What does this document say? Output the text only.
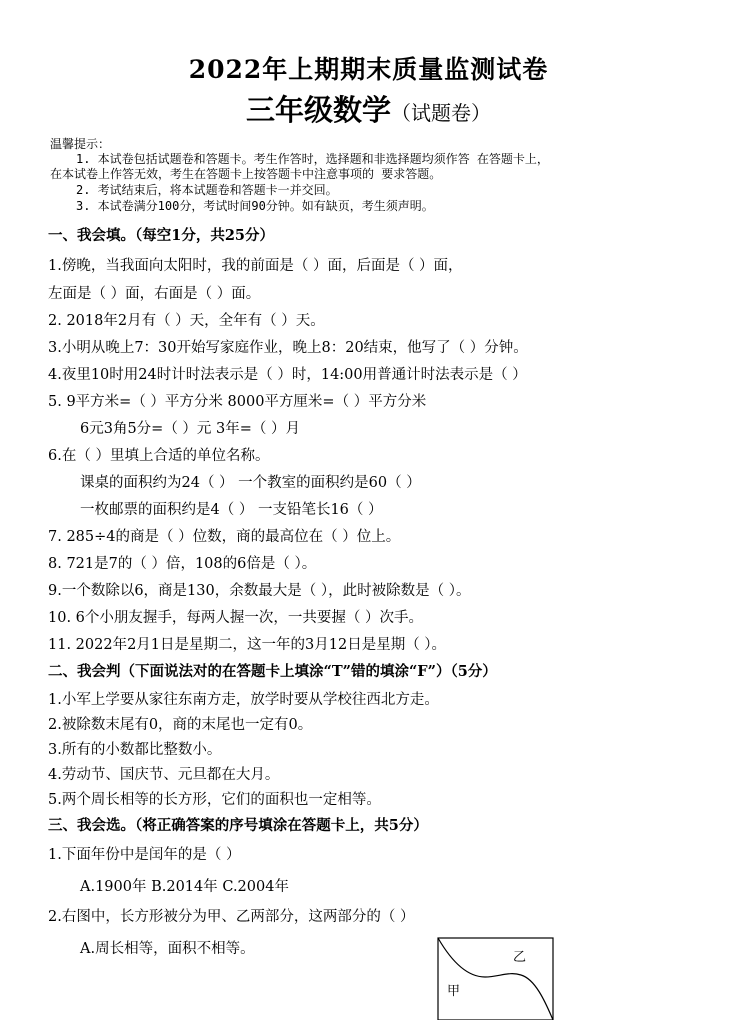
2022年上期期末质量监测试卷
三年级数学（试题卷）
温馨提示：
1. 本试卷包括试题卷和答题卡。考生作答时，选择题和非选择题均须作答 在答题卡上，
在本试卷上作答无效，考生在答题卡上按答题卡中注意事项的 要求答题。
2. 考试结束后，将本试题卷和答题卡一并交回。
3. 本试卷满分100分，考试时间90分钟。如有缺页，考生须声明。
一、我会填。（每空1分，共25分）
1.傍晚，当我面向太阳时，我的前面是（ ）面，后面是（ ）面，
左面是（ ）面，右面是（ ）面。
2. 2018年2月有（ ）天，全年有（ ）天。
3.小明从晚上7：30开始写家庭作业，晚上8：20结束，他写了（ ）分钟。
4.夜里10时用24时计时法表示是（ ）时，14:00用普通计时法表示是（ ）
5. 9平方米=（ ）平方分米 8000平方厘米=（ ）平方分米
6元3角5分=（ ）元 3年=（ ）月
6.在（ ）里填上合适的单位名称。
课桌的面积约为24（ ） 一个教室的面积约是60（ ）
一枚邮票的面积约是4（ ） 一支铅笔长16（ ）
7. 285÷4的商是（ ）位数，商的最高位在（ ）位上。
8. 721是7的（ ）倍，108的6倍是（ ）。
9.一个数除以6，商是130，余数最大是（ ），此时被除数是（ ）。
10. 6个小朋友握手，每两人握一次，一共要握（ ）次手。
11. 2022年2月1日是星期二，这一年的3月12日是星期（ ）。
二、我会判（下面说法对的在答题卡上填涂“T”错的填涂“F”）（5分）
1.小军上学要从家往东南方走，放学时要从学校往西北方走。
2.被除数末尾有0，商的末尾也一定有0。
3.所有的小数都比整数小。
4.劳动节、国庆节、元旦都在大月。
5.两个周长相等的长方形，它们的面积也一定相等。
三、我会选。（将正确答案的序号填涂在答题卡上，共5分）
1.下面年份中是闰年的是（ ）
A.1900年 B.2014年 C.2004年
2.右图中，长方形被分为甲、乙两部分，这两部分的（ ）
A.周长相等，面积不相等。
乙
甲
